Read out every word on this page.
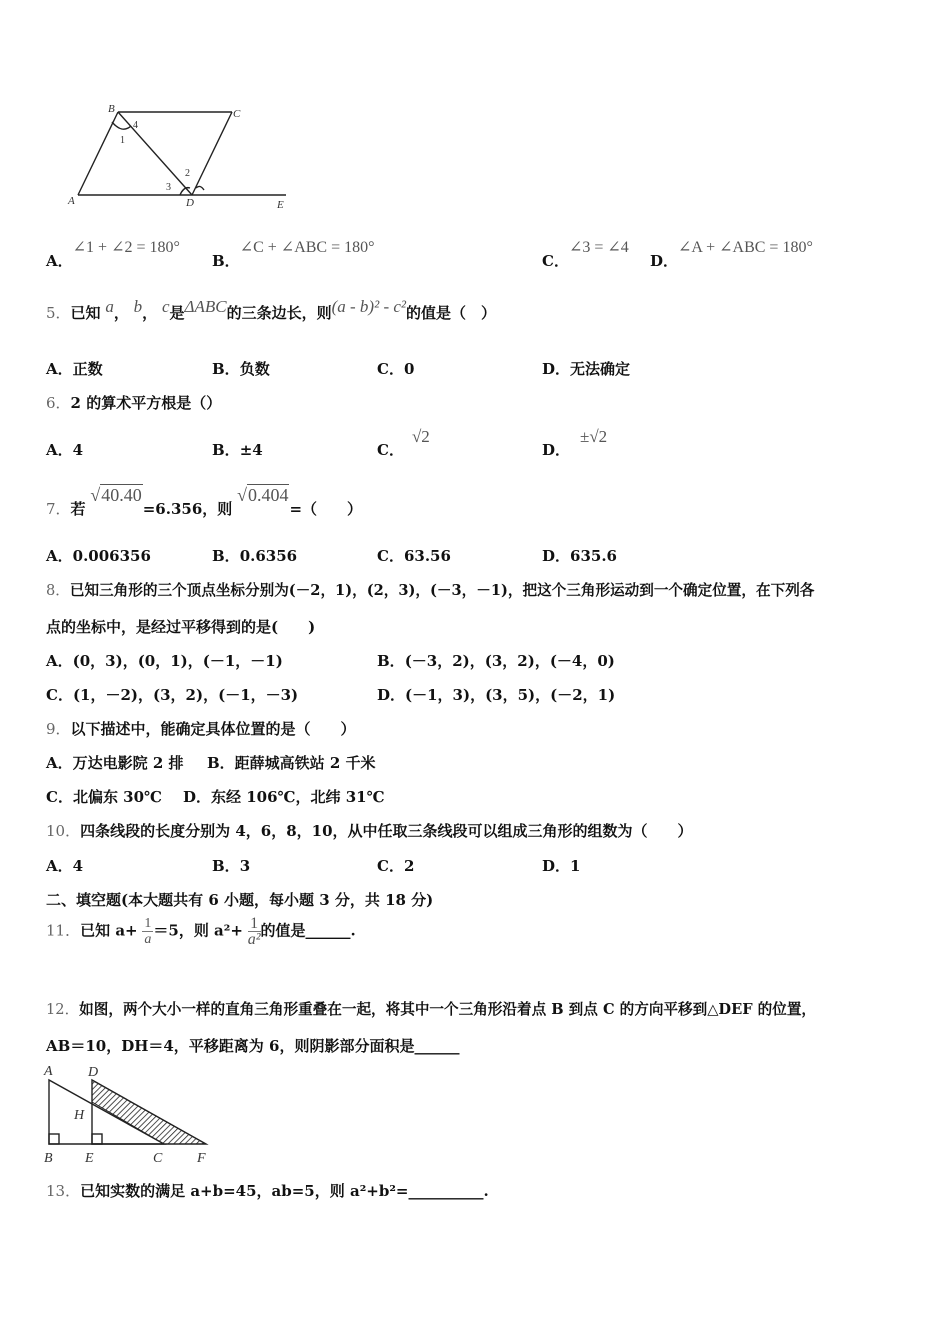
B	C
A	D	E
1
2
3
4
A．∠1 + ∠2 = 180°
B．∠C + ∠ABC = 180°
C．∠3 = ∠4
D．∠A + ∠ABC = 180°
5．已知 a， b， c是ΔABC的三条边长，则(a - b)² - c²的值是（　）
A．正数	B．负数	C．0	D．无法确定
6．2 的算术平方根是（）
A．4	B．±4	C．√2
D．±√2
7．若 √40.40=6.356，则 √0.404=（　　）
A．0.006356	B．0.6356	C．63.56	D．635.6
8．已知三角形的三个顶点坐标分别为(－2，1)，(2，3)，(－3，－1)，把这个三角形运动到一个确定位置，在下列各
点的坐标中，是经过平移得到的是(　　)
A．(0，3)，(0，1)，(－1，－1)	B．(－3，2)，(3，2)，(－4，0)
C．(1，－2)，(3，2)，(－1，－3)	D．(－1，3)，(3，5)，(－2，1)
9．以下描述中，能确定具体位置的是（　　）
A．万达电影院 2 排 B．距薛城高铁站 2 千米
C．北偏东 30℃ D．东经 106℃，北纬 31℃
10．四条线段的长度分别为 4，6，8，10，从中任取三条线段可以组成三角形的组数为（　　）
A．4	B．3	C．2	D．1
二、填空题(本大题共有 6 小题，每小题 3 分，共 18 分)
11．已知 $a+ \frac{1}{a} =5$，则 $a^2+ \frac{1}{\text{a²}}$ 的值是______.
12．如图，两个大小一样的直角三角形重叠在一起，将其中一个三角形沿着点 B 到点 C 的方向平移到△DEF 的位置，
AB＝10，DH＝4，平移距离为 6，则阴影部分面积是______
A	D
H
B E	C F
13．已知实数的满足 a+b=45，ab=5，则 a²+b²=__________.
